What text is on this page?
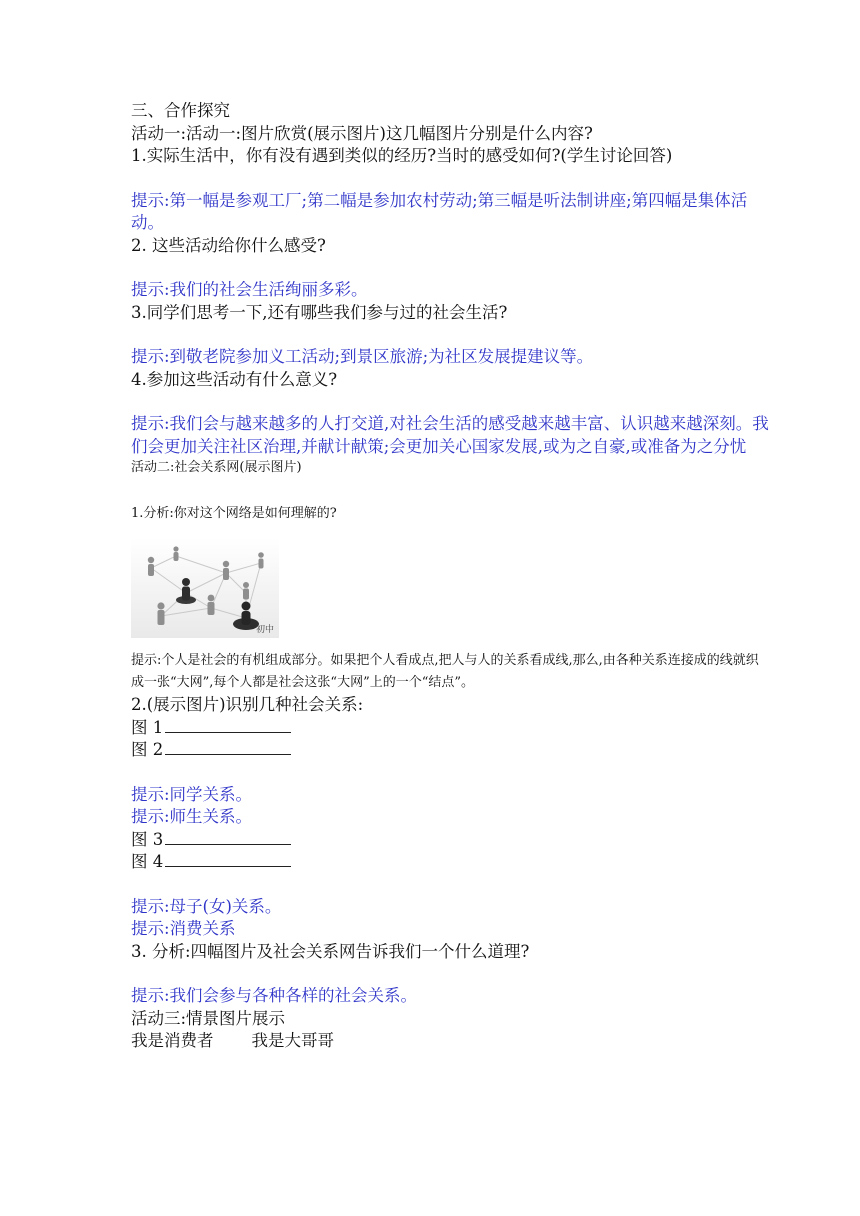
三、合作探究
活动一:活动一:图片欣赏(展示图片)这几幅图片分别是什么内容?
1.实际生活中，你有没有遇到类似的经历?当时的感受如何?(学生讨论回答)
提示:第一幅是参观工厂;第二幅是参加农村劳动;第三幅是听法制讲座;第四幅是集体活动。
2. 这些活动给你什么感受?
提示:我们的社会生活绚丽多彩。
3.同学们思考一下,还有哪些我们参与过的社会生活?
提示:到敬老院参加义工活动;到景区旅游;为社区发展提建议等。
4.参加这些活动有什么意义?
提示:我们会与越来越多的人打交道,对社会生活的感受越来越丰富、认识越来越深刻。我们会更加关注社区治理,并献计献策;会更加关心国家发展,或为之自豪,或准备为之分忧
活动二:社会关系网(展示图片)
1.分析:你对这个网络是如何理解的?
初中
提示:个人是社会的有机组成部分。如果把个人看成点,把人与人的关系看成线,那么,由各种关系连接成的线就织成一张“大网”,每个人都是社会这张“大网”上的一个“结点”。
2.(展示图片)识别几种社会关系:
图 1
图 2
提示:同学关系。
提示:师生关系。
图 3
图 4
提示:母子(女)关系。
提示:消费关系
3. 分析:四幅图片及社会关系网告诉我们一个什么道理?
提示:我们会参与各种各样的社会关系。
活动三:情景图片展示
我是消费者 我是大哥哥
